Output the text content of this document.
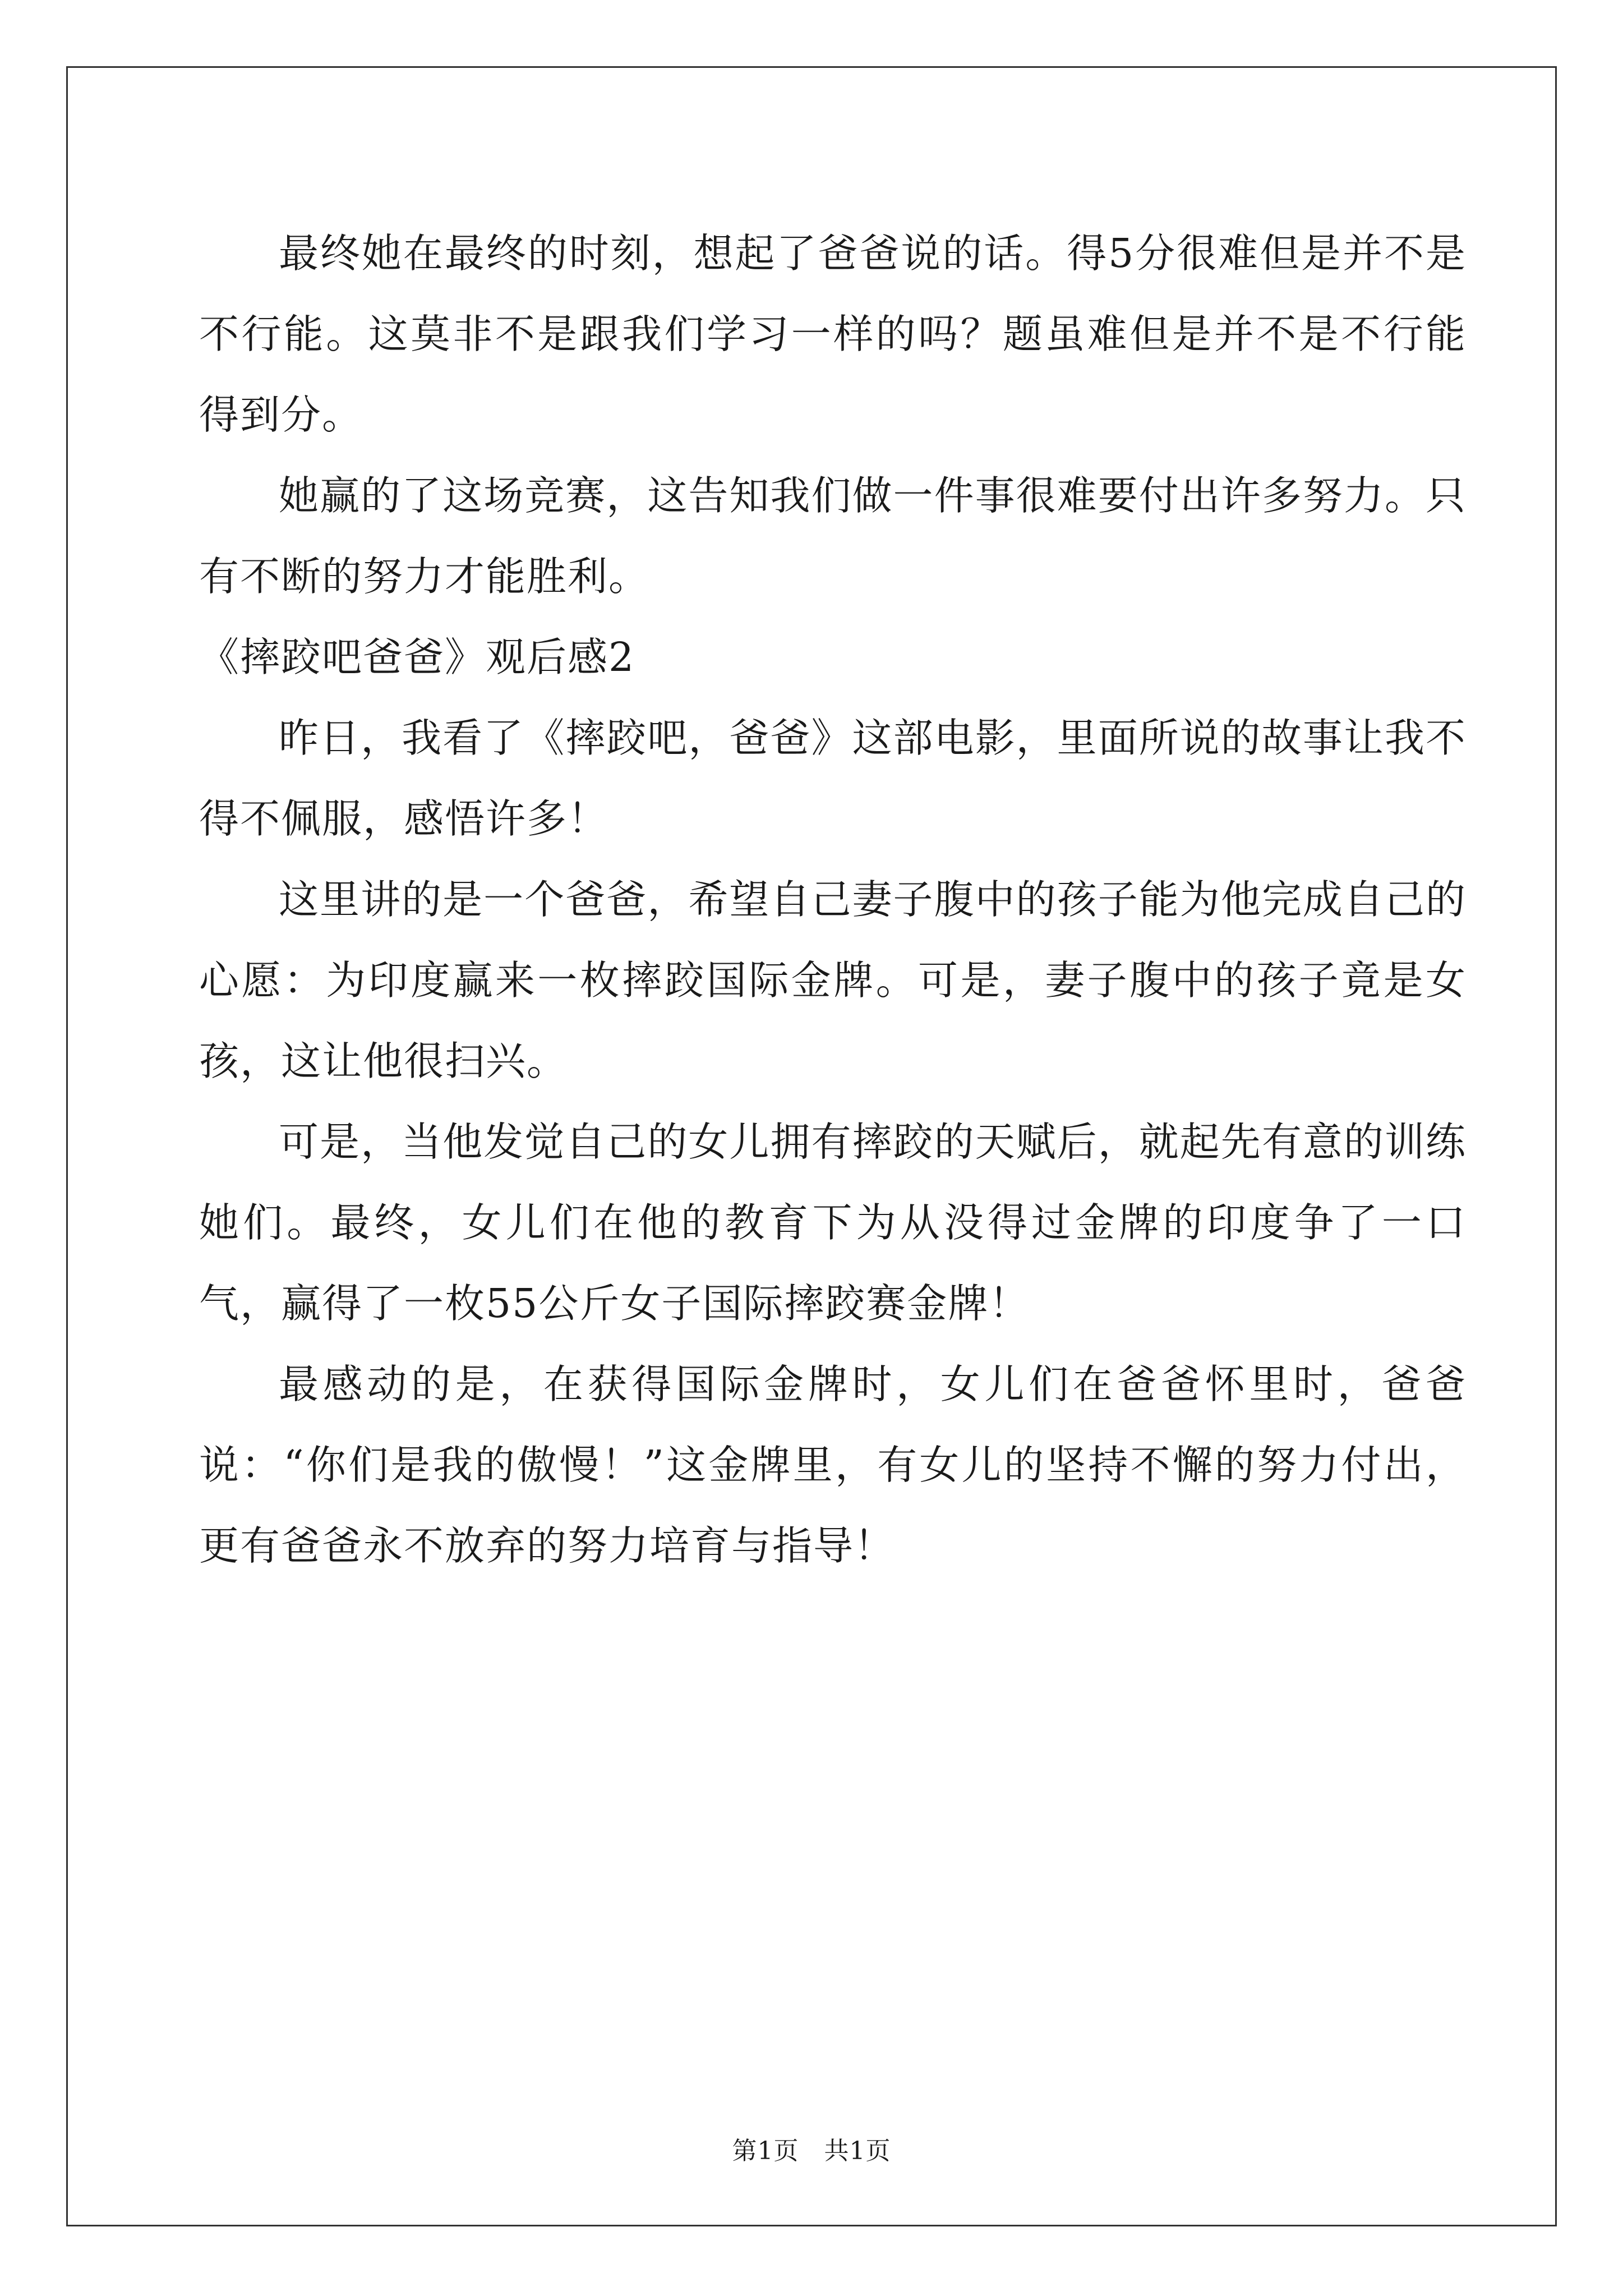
最终她在最终的时刻，想起了爸爸说的话。得5分很难但是并不是不行能。这莫非不是跟我们学习一样的吗？题虽难但是并不是不行能得到分。

她赢的了这场竞赛，这告知我们做一件事很难要付出许多努力。只有不断的努力才能胜利。

《摔跤吧爸爸》观后感2

昨日，我看了《摔跤吧，爸爸》这部电影，里面所说的故事让我不得不佩服，感悟许多！

这里讲的是一个爸爸，希望自己妻子腹中的孩子能为他完成自己的心愿：为印度赢来一枚摔跤国际金牌。可是，妻子腹中的孩子竟是女孩，这让他很扫兴。

可是，当他发觉自己的女儿拥有摔跤的天赋后，就起先有意的训练她们。最终，女儿们在他的教育下为从没得过金牌的印度争了一口气，赢得了一枚55公斤女子国际摔跤赛金牌！

最感动的是，在获得国际金牌时，女儿们在爸爸怀里时，爸爸说：“你们是我的傲慢！”这金牌里，有女儿的坚持不懈的努力付出，更有爸爸永不放弃的努力培育与指导！

第1页　共1页
